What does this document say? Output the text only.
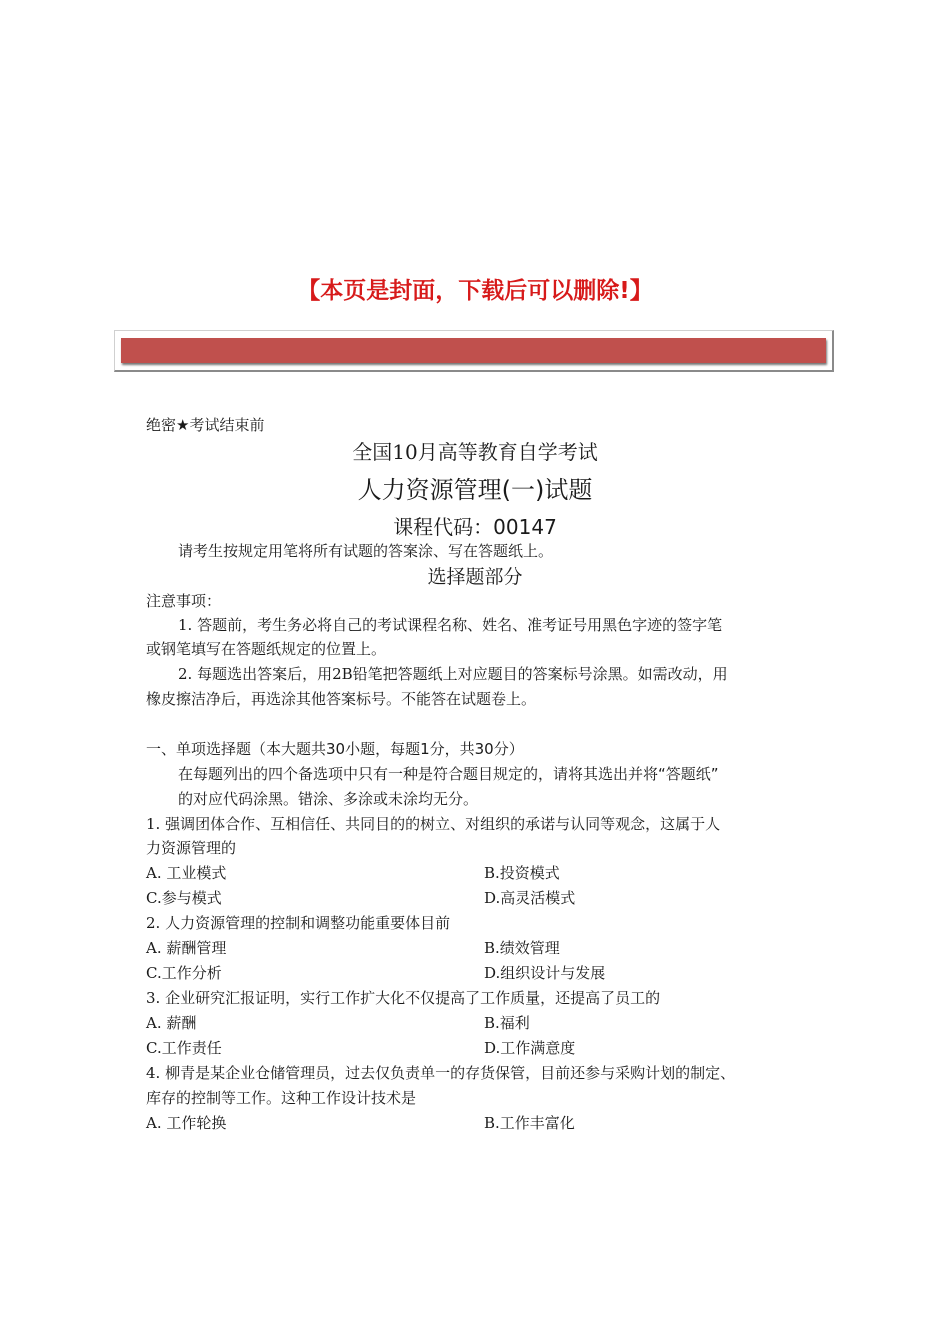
【本页是封面，下载后可以删除!】
绝密★考试结束前
全国10月高等教育自学考试
人力资源管理(一)试题
课程代码：00147
请考生按规定用笔将所有试题的答案涂、写在答题纸上。
选择题部分
注意事项：
1. 答题前，考生务必将自己的考试课程名称、姓名、准考证号用黑色字迹的签字笔
或钢笔填写在答题纸规定的位置上。
2. 每题选出答案后，用2B铅笔把答题纸上对应题目的答案标号涂黑。如需改动，用
橡皮擦洁净后，再选涂其他答案标号。不能答在试题卷上。
一、单项选择题（本大题共30小题，每题1分，共30分）
在每题列出的四个备选项中只有一种是符合题目规定的，请将其选出并将“答题纸”
的对应代码涂黑。错涂、多涂或未涂均无分。
1. 强调团体合作、互相信任、共同目的的树立、对组织的承诺与认同等观念，这属于人
力资源管理的
A. 工业模式	B.投资模式
C.参与模式	D.高灵活模式
2. 人力资源管理的控制和调整功能重要体目前
A. 薪酬管理	B.绩效管理
C.工作分析	D.组织设计与发展
3. 企业研究汇报证明，实行工作扩大化不仅提高了工作质量，还提高了员工的
A. 薪酬	B.福利
C.工作责任	D.工作满意度
4. 柳青是某企业仓储管理员，过去仅负责单一的存货保管，目前还参与采购计划的制定、
库存的控制等工作。这种工作设计技术是
A. 工作轮换	B.工作丰富化
